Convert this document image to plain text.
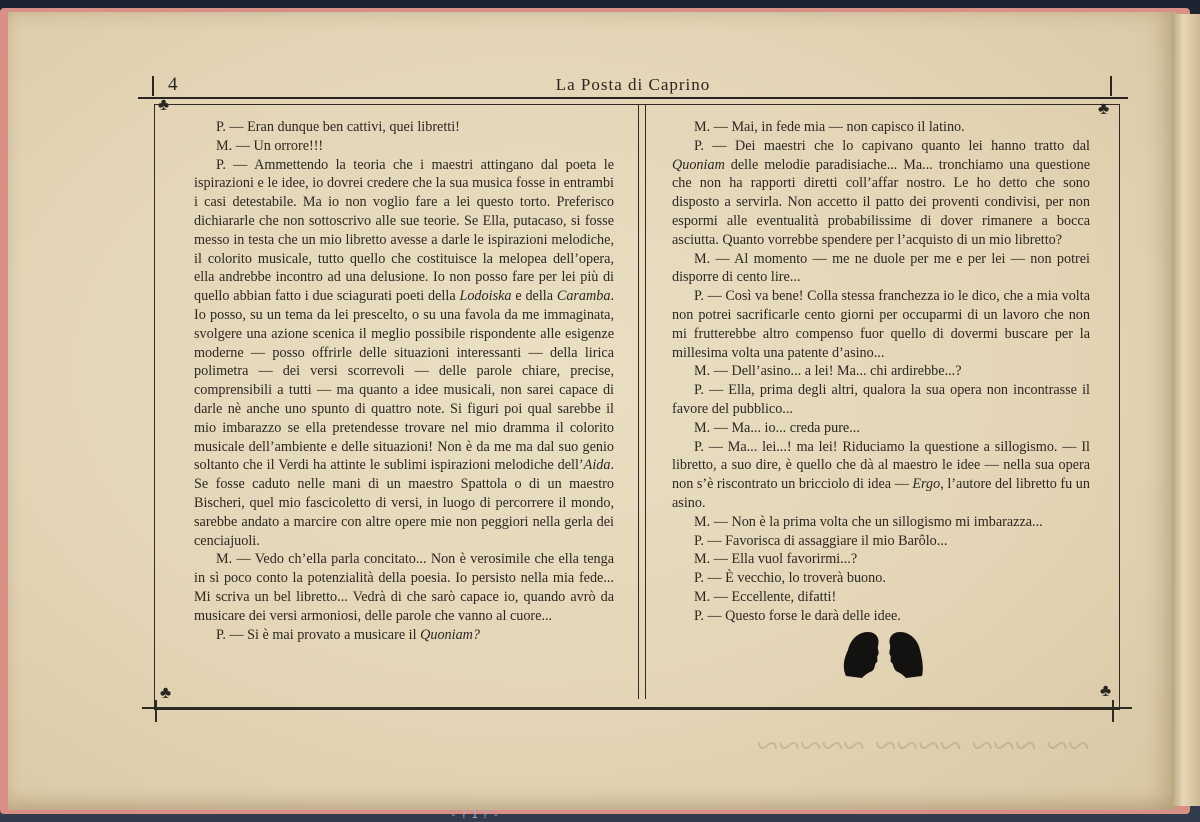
~~ ~~~ ~~~~ ~~~~~
4	La Posta di Caprino
♣	♣
♣	♣

P. — Eran dunque ben cattivi, quei libretti!

M. — Un orrore!!!

P. — Ammettendo la teoria che i maestri attingano dal poeta le ispirazioni e le idee, io dovrei credere che la sua musica fosse in entrambi i casi detestabile. Ma io non voglio fare a lei questo torto. Preferisco dichiararle che non sottoscrivo alle sue teorie. Se Ella, putacaso, si fosse messo in testa che un mio libretto avesse a darle le ispirazioni melodiche, il colorito musicale, tutto quello che costituisce la melopea dell’opera, ella andrebbe incontro ad una delusione. Io non posso fare per lei più di quello abbian fatto i due sciagurati poeti della Lodoiska e della Caramba. Io posso, su un tema da lei prescelto, o su una favola da me immaginata, svolgere una azione scenica il meglio possibile rispondente alle esigenze moderne — posso offrirle delle situazioni interessanti — della lirica polimetra — dei versi scorrevoli — delle parole chiare, precise, comprensibili a tutti — ma quanto a idee musicali, non sarei capace di darle nè anche uno spunto di quattro note. Si figuri poi qual sarebbe il mio imbarazzo se ella pretendesse trovare nel mio dramma il colorito musicale dell’ambiente e delle situazioni! Non è da me ma dal suo genio soltanto che il Verdi ha attinte le sublimi ispirazioni melodiche dell’Aida. Se fosse caduto nelle mani di un maestro Spattola o di un maestro Bischeri, quel mio fascicoletto di versi, in luogo di percorrere il mondo, sarebbe andato a marcire con altre opere mie non peggiori nella gerla dei cenciajuoli.

M. — Vedo ch’ella parla concitato... Non è verosimile che ella tenga in sì poco conto la potenzialità della poesia. Io persisto nella mia fede... Mi scriva un bel libretto... Vedrà di che sarò capace io, quando avrò da musicare dei versi armoniosi, delle parole che vanno al cuore...

P. — Si è mai provato a musicare il Quoniam?

M. — Mai, in fede mia — non capisco il latino.

P. — Dei maestri che lo capivano quanto lei hanno tratto dal Quoniam delle melodie paradisiache... Ma... tronchiamo una questione che non ha rapporti diretti coll’affar nostro. Le ho detto che sono disposto a servirla. Non accetto il patto dei proventi condivisi, per non espormi alle eventualità probabilissime di dover rimanere a bocca asciutta. Quanto vorrebbe spendere per l’acquisto di un mio libretto?

M. — Al momento — me ne duole per me e per lei — non potrei disporre di cento lire...

P. — Così va bene! Colla stessa franchezza io le dico, che a mia volta non potrei sacrificarle cento giorni per occuparmi di un lavoro che non mi frutterebbe altro compenso fuor quello di dovermi buscare per la millesima volta una patente d’asino...

M. — Dell’asino... a lei! Ma... chi ardirebbe...?

P. — Ella, prima degli altri, qualora la sua opera non incontrasse il favore del pubblico...

M. — Ma... io... creda pure...

P. — Ma... lei...! ma lei! Riduciamo la questione a sillogismo. — Il libretto, a suo dire, è quello che dà al maestro le idee — nella sua opera non s’è riscontrato un bricciolo di idea — Ergo, l’autore del libretto fu un asino.

M. — Non è la prima volta che un sillogismo mi imbarazza...

P. — Favorisca di assaggiare il mio Barôlo...

M. — Ella vuol favorirmi...?

P. — È vecchio, lo troverà buono.

M. — Eccellente, difatti!

P. — Questo forse le darà delle idee.

-?1?-
